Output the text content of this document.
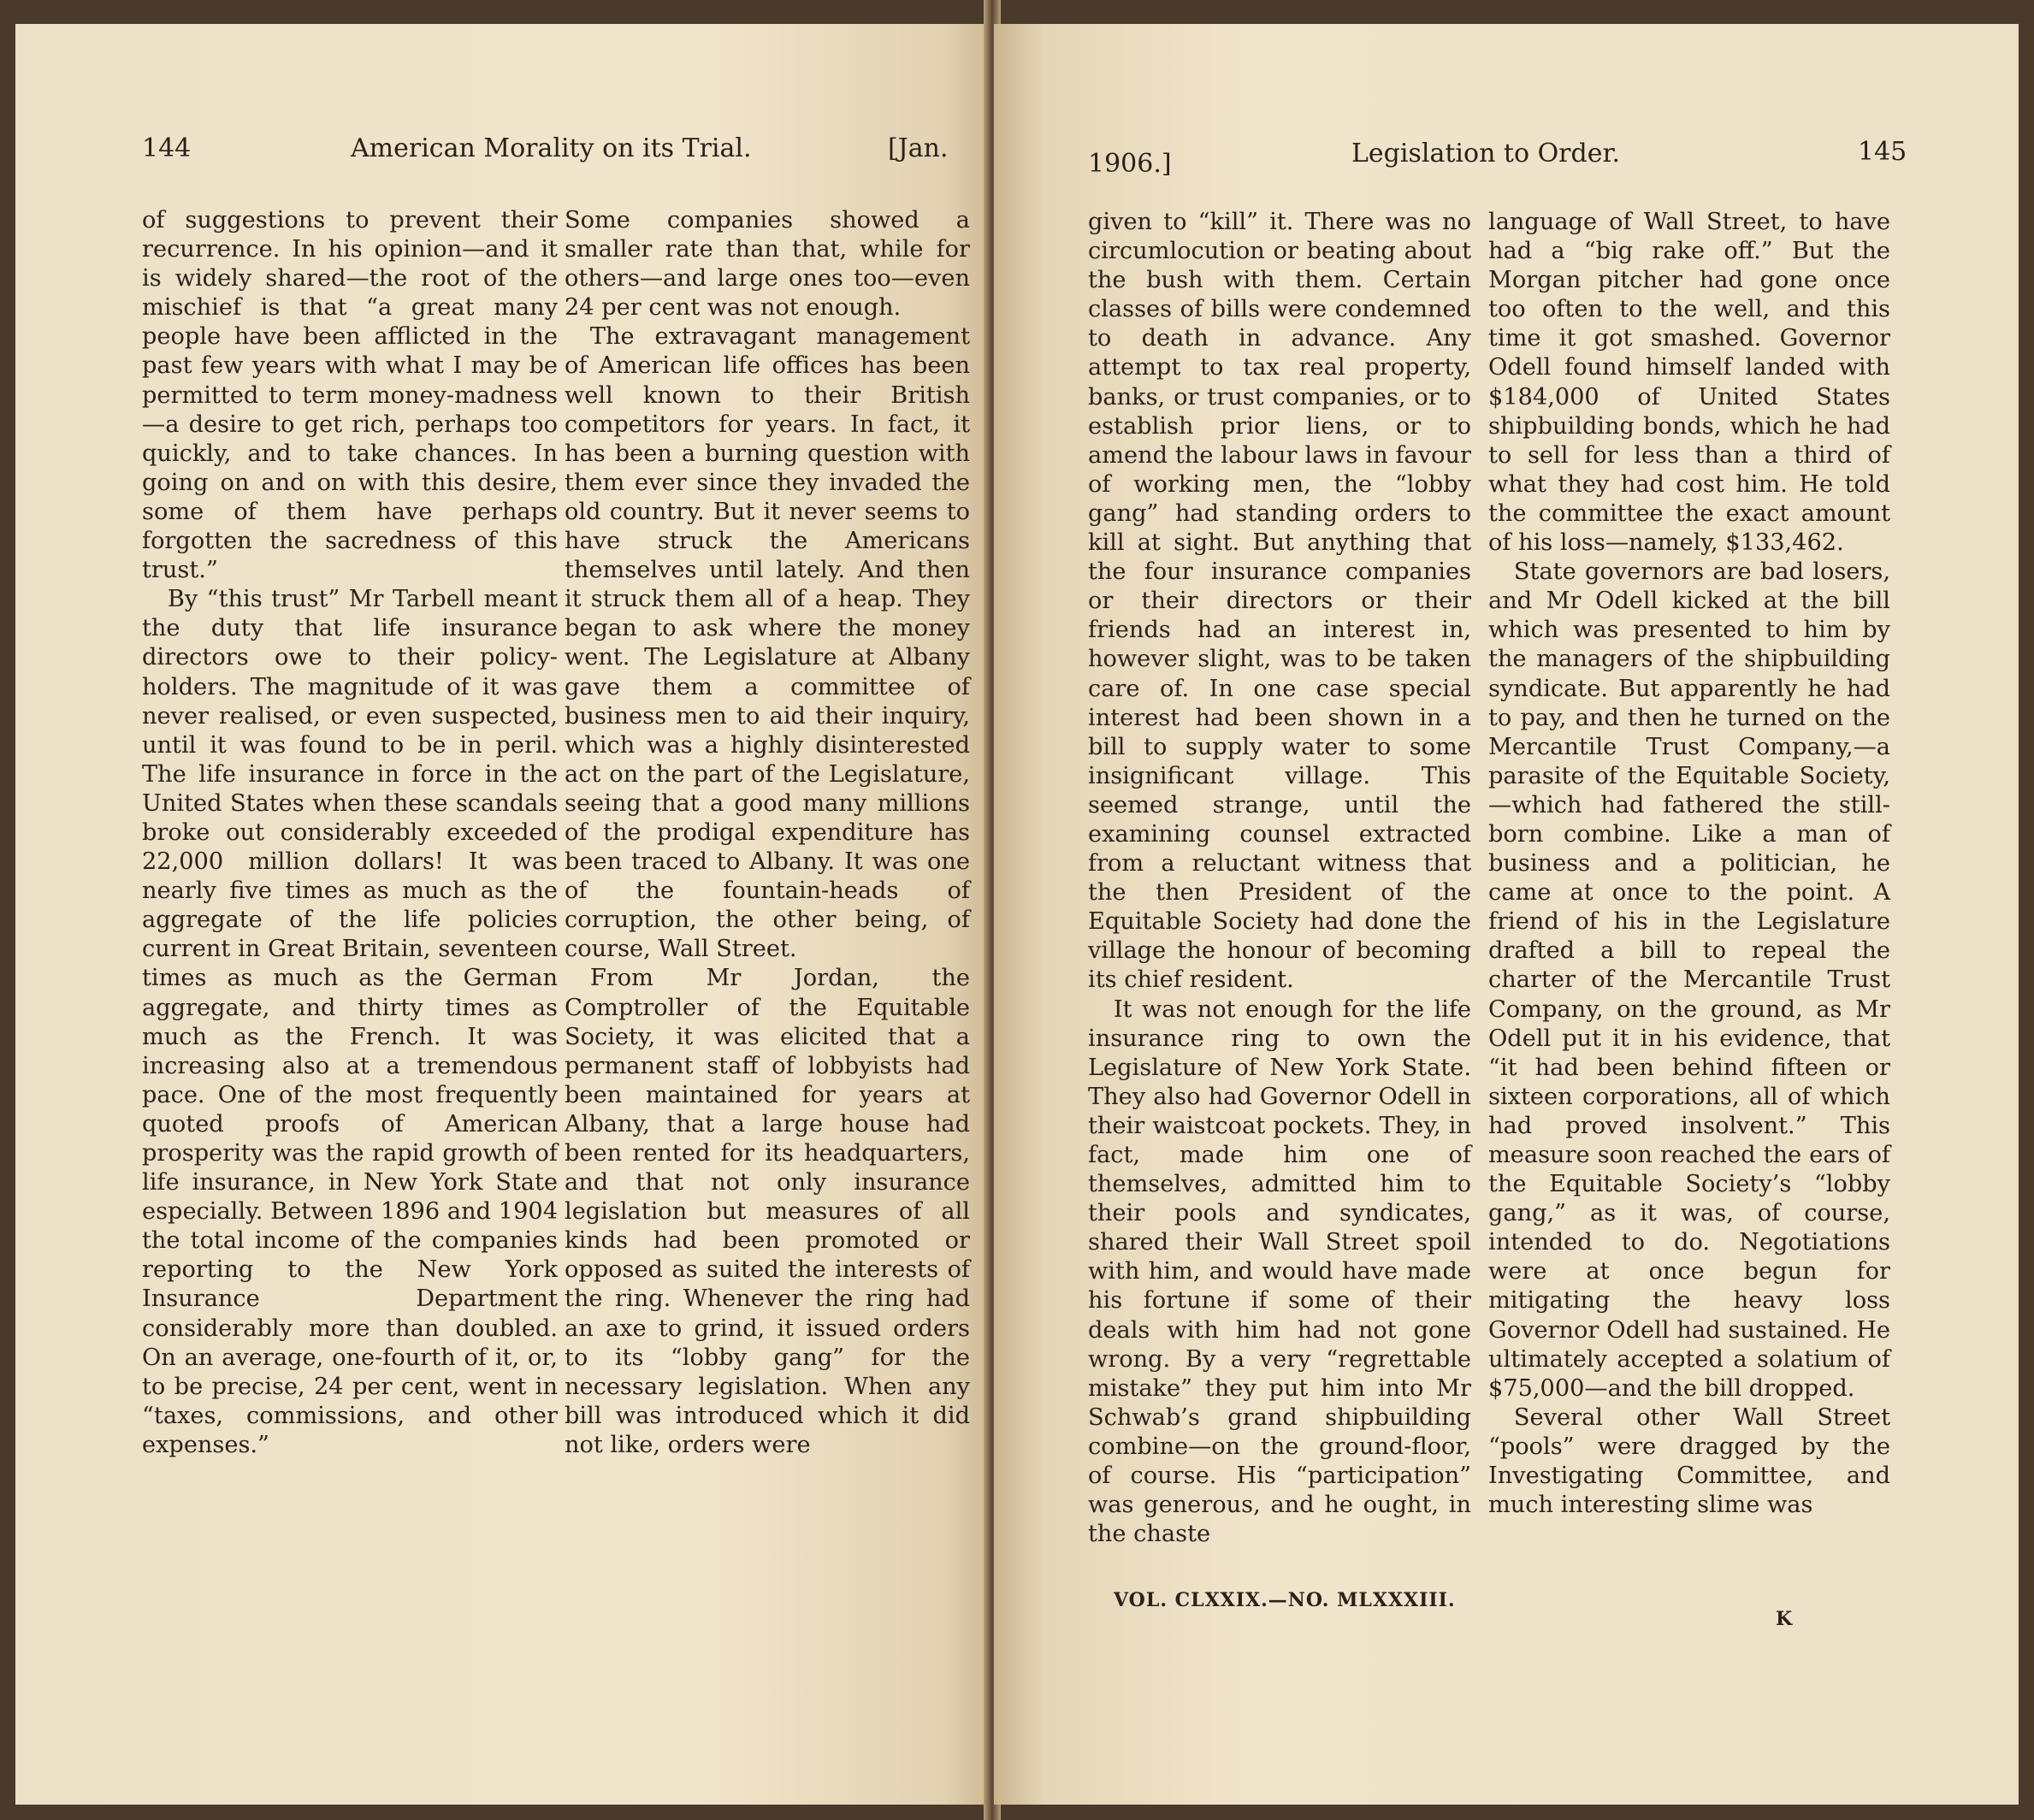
144	American Morality on its Trial.	[Jan.

of suggestions to prevent their recurrence. In his opinion—and it is widely shared—the root of the mischief is that “a great many people have been afflicted in the past few years with what I may be permitted to term money-madness—a desire to get rich, perhaps too quickly, and to take chances. In going on and on with this desire, some of them have perhaps forgotten the sacredness of this trust.”

By “this trust” Mr Tarbell meant the duty that life insurance directors owe to their policy-holders. The magnitude of it was never realised, or even suspected, until it was found to be in peril. The life insurance in force in the United States when these scandals broke out considerably exceeded 22,000 million dollars! It was nearly five times as much as the aggregate of the life policies current in Great Britain, seventeen times as much as the German aggregate, and thirty times as much as the French. It was increasing also at a tremendous pace. One of the most frequently quoted proofs of American prosperity was the rapid growth of life insurance, in New York State especially. Between 1896 and 1904 the total income of the companies reporting to the New York Insurance Department considerably more than doubled. On an average, one-fourth of it, or, to be precise, 24 per cent, went in “taxes, commissions, and other expenses.”

Some companies showed a smaller rate than that, while for others—and large ones too—even 24 per cent was not enough.

The extravagant management of American life offices has been well known to their British competitors for years. In fact, it has been a burning question with them ever since they invaded the old country. But it never seems to have struck the Americans themselves until lately. And then it struck them all of a heap. They began to ask where the money went. The Legislature at Albany gave them a committee of business men to aid their inquiry, which was a highly disinterested act on the part of the Legislature, seeing that a good many millions of the prodigal expenditure has been traced to Albany. It was one of the fountain-heads of corruption, the other being, of course, Wall Street.

From Mr Jordan, the Comptroller of the Equitable Society, it was elicited that a permanent staff of lobbyists had been maintained for years at Albany, that a large house had been rented for its headquarters, and that not only insurance legislation but measures of all kinds had been promoted or opposed as suited the interests of the ring. Whenever the ring had an axe to grind, it issued orders to its “lobby gang” for the necessary legislation. When any bill was introduced which it did not like, orders were

1906.]	Legislation to Order.	145

given to “kill” it. There was no circumlocution or beating about the bush with them. Certain classes of bills were condemned to death in advance. Any attempt to tax real property, banks, or trust companies, or to establish prior liens, or to amend the labour laws in favour of working men, the “lobby gang” had standing orders to kill at sight. But anything that the four insurance companies or their directors or their friends had an interest in, however slight, was to be taken care of. In one case special interest had been shown in a bill to supply water to some insignificant village. This seemed strange, until the examining counsel extracted from a reluctant witness that the then President of the Equitable Society had done the village the honour of becoming its chief resident.

It was not enough for the life insurance ring to own the Legislature of New York State. They also had Governor Odell in their waistcoat pockets. They, in fact, made him one of themselves, admitted him to their pools and syndicates, shared their Wall Street spoil with him, and would have made his fortune if some of their deals with him had not gone wrong. By a very “regrettable mistake” they put him into Mr Schwab’s grand shipbuilding combine—on the ground-floor, of course. His “participation” was generous, and he ought, in the chaste

language of Wall Street, to have had a “big rake off.” But the Morgan pitcher had gone once too often to the well, and this time it got smashed. Governor Odell found himself landed with $184,000 of United States shipbuilding bonds, which he had to sell for less than a third of what they had cost him. He told the committee the exact amount of his loss—namely, $133,462.

State governors are bad losers, and Mr Odell kicked at the bill which was presented to him by the managers of the shipbuilding syndicate. But apparently he had to pay, and then he turned on the Mercantile Trust Company,—a parasite of the Equitable Society,—which had fathered the still-born combine. Like a man of business and a politician, he came at once to the point. A friend of his in the Legislature drafted a bill to repeal the charter of the Mercantile Trust Company, on the ground, as Mr Odell put it in his evidence, that “it had been behind fifteen or sixteen corporations, all of which had proved insolvent.” This measure soon reached the ears of the Equitable Society’s “lobby gang,” as it was, of course, intended to do. Negotiations were at once begun for mitigating the heavy loss Governor Odell had sustained. He ultimately accepted a solatium of $75,000—and the bill dropped.

Several other Wall Street “pools” were dragged by the Investigating Committee, and much interesting slime was

VOL. CLXXIX.—NO. MLXXXIII.
K
